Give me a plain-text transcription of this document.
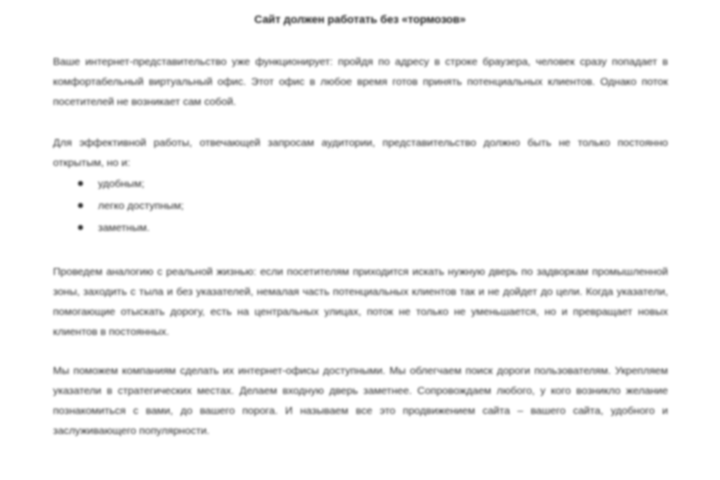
Сайт должен работать без «тормозов»
Ваше интернет-представительство уже функционирует: пройдя по адресу в строке браузера, человек сразу попадает в комфортабельный виртуальный офис. Этот офис в любое время готов принять потенциальных клиентов. Однако поток посетителей не возникает сам собой.
Для эффективной работы, отвечающей запросам аудитории, представительство должно быть не только постоянно открытым, но и:
удобным;
легко доступным;
заметным.
Проведем аналогию с реальной жизнью: если посетителям приходится искать нужную дверь по задворкам промышленной зоны, заходить с тыла и без указателей, немалая часть потенциальных клиентов так и не дойдет до цели. Когда указатели, помогающие отыскать дорогу, есть на центральных улицах, поток не только не уменьшается, но и превращает новых клиентов в постоянных.
Мы поможем компаниям сделать их интернет-офисы доступными. Мы облегчаем поиск дороги пользователям. Укрепляем указатели в стратегических местах. Делаем входную дверь заметнее. Сопровождаем любого, у кого возникло желание познакомиться с вами, до вашего порога. И называем все это продвижением сайта – вашего сайта, удобного и заслуживающего популярности.
